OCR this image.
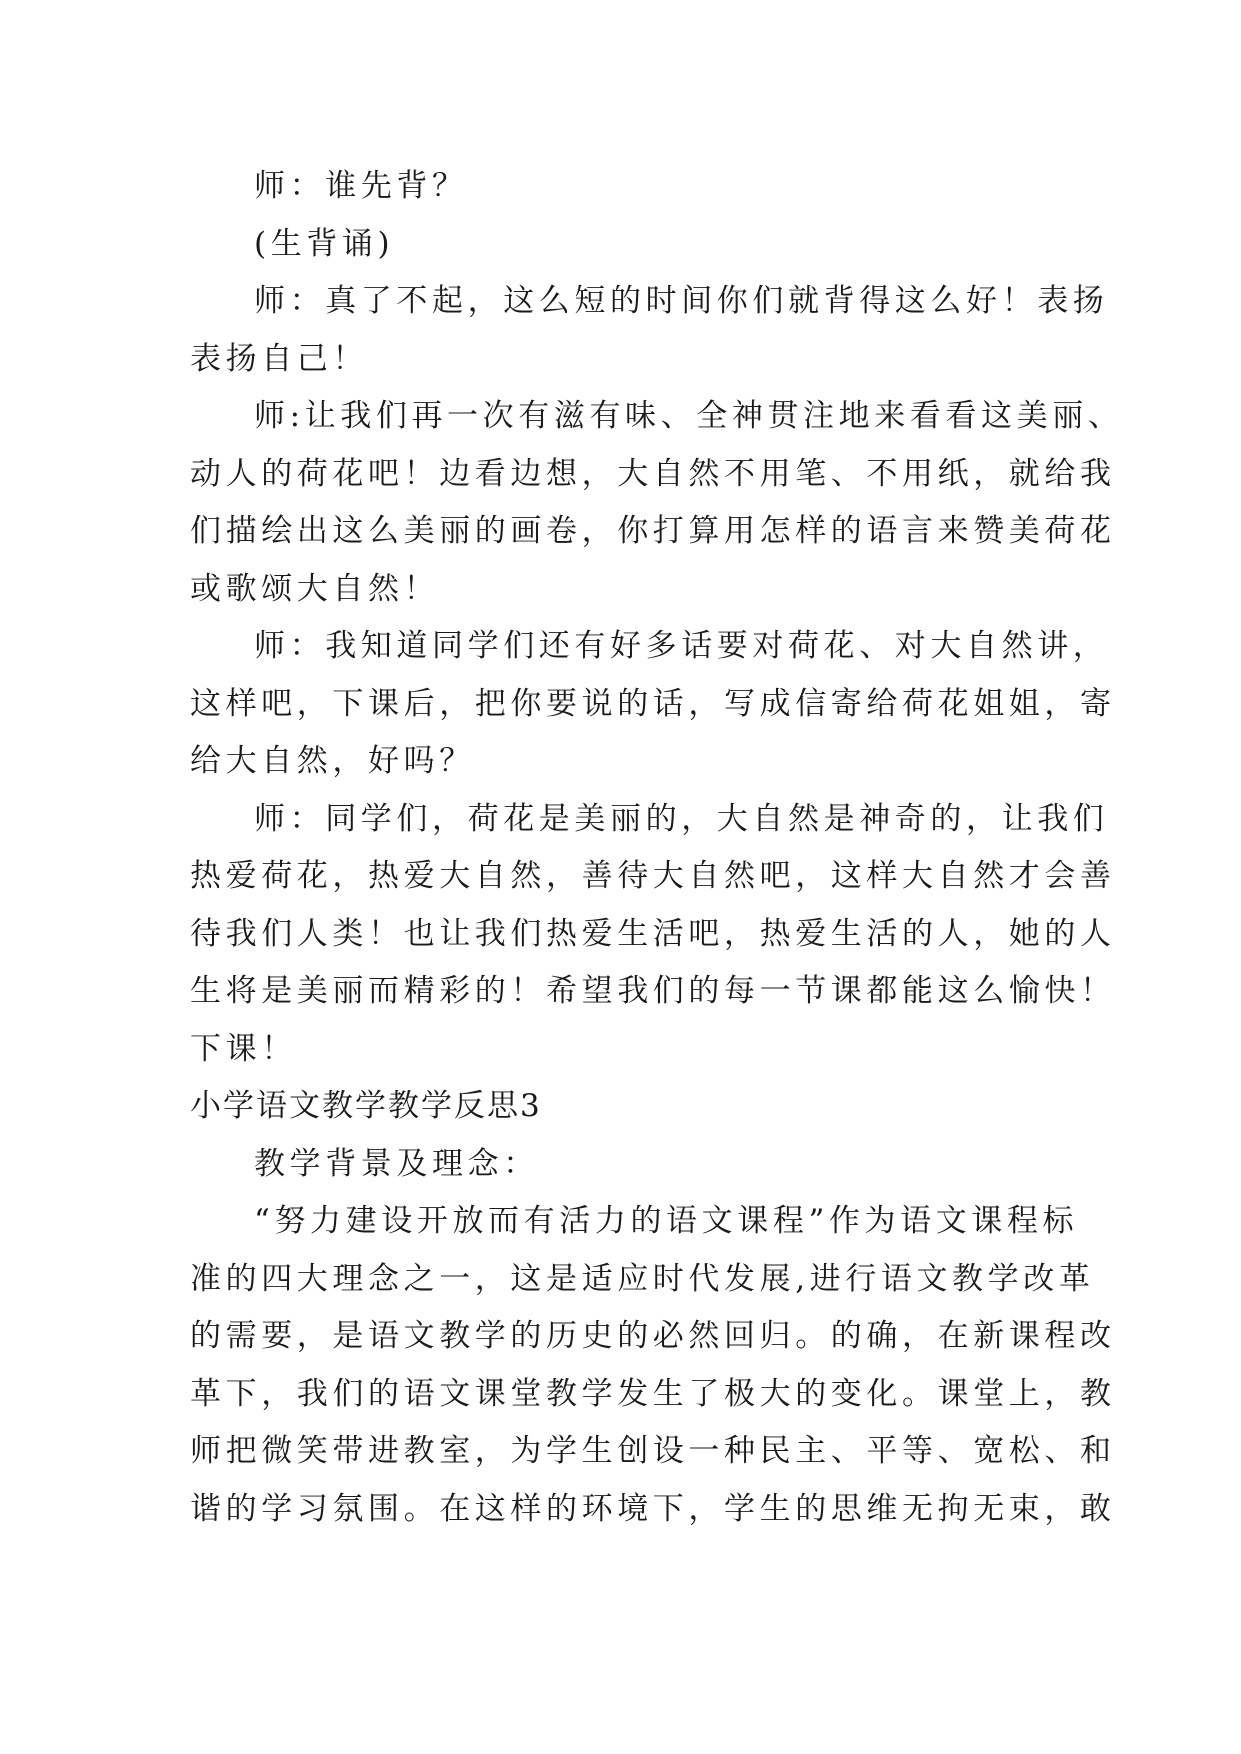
师：谁先背？
(生背诵)
师：真了不起，这么短的时间你们就背得这么好！表扬
表扬自己！
师:让我们再一次有滋有味、全神贯注地来看看这美丽、
动人的荷花吧！边看边想，大自然不用笔、不用纸，就给我
们描绘出这么美丽的画卷，你打算用怎样的语言来赞美荷花
或歌颂大自然！
师：我知道同学们还有好多话要对荷花、对大自然讲，
这样吧，下课后，把你要说的话，写成信寄给荷花姐姐，寄
给大自然，好吗？
师：同学们，荷花是美丽的，大自然是神奇的，让我们
热爱荷花，热爱大自然，善待大自然吧，这样大自然才会善
待我们人类！也让我们热爱生活吧，热爱生活的人，她的人
生将是美丽而精彩的！希望我们的每一节课都能这么愉快！
下课！
小学语文教学教学反思3
教学背景及理念：
“努力建设开放而有活力的语文课程”作为语文课程标
准的四大理念之一，这是适应时代发展,进行语文教学改革
的需要，是语文教学的历史的必然回归。的确，在新课程改
革下，我们的语文课堂教学发生了极大的变化。课堂上，教
师把微笑带进教室，为学生创设一种民主、平等、宽松、和
谐的学习氛围。在这样的环境下，学生的思维无拘无束，敢
